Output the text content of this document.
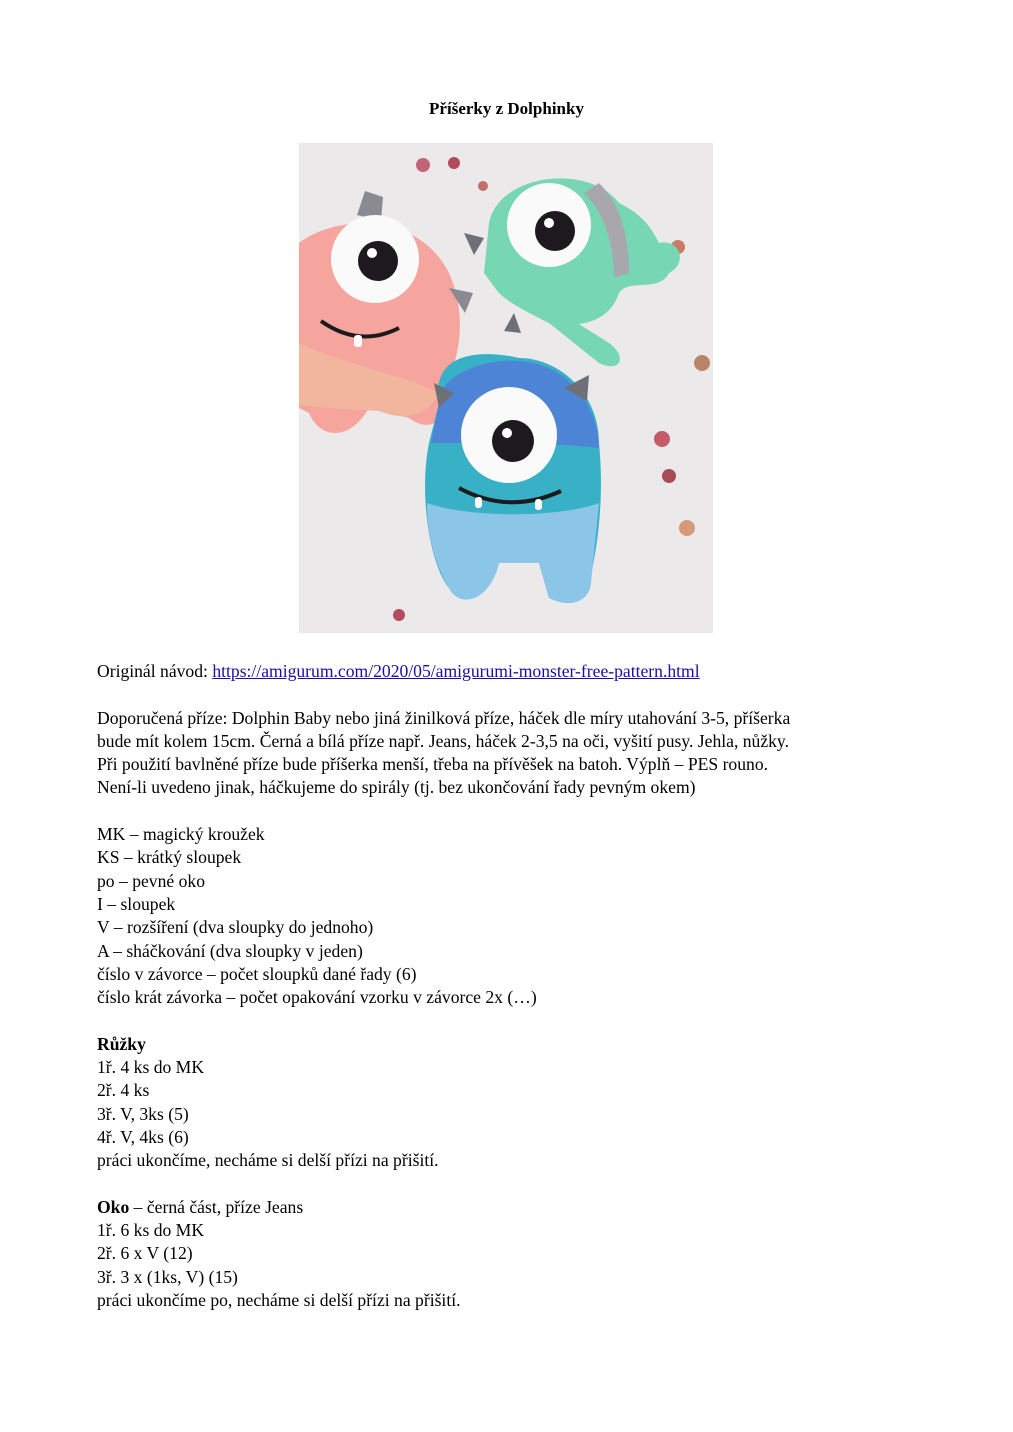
Příšerky z Dolphinky

Originál návod: https://amigurum.com/2020/05/amigurumi-monster-free-pattern.html

Doporučená příze: Dolphin Baby nebo jiná žinilková příze, háček dle míry utahování 3-5, příšerka

bude mít kolem 15cm. Černá a bílá příze např. Jeans, háček 2-3,5 na oči, vyšití pusy. Jehla, nůžky.

Při použití bavlněné příze bude příšerka menší, třeba na přívěšek na batoh. Výplň – PES rouno.

Není-li uvedeno jinak, háčkujeme do spirály (tj. bez ukončování řady pevným okem)

MK – magický kroužek

KS – krátký sloupek

po – pevné oko

I – sloupek

V – rozšíření (dva sloupky do jednoho)

A – sháčkování (dva sloupky v jeden)

číslo v závorce – počet sloupků dané řady (6)

číslo krát závorka – počet opakování vzorku v závorce 2x (…)

Růžky

1ř. 4 ks do MK

2ř. 4 ks

3ř. V, 3ks (5)

4ř. V, 4ks (6)

práci ukončíme, necháme si delší přízi na přišití.

Oko – černá část, příze Jeans

1ř. 6 ks do MK

2ř. 6 x V (12)

3ř. 3 x (1ks, V) (15)

práci ukončíme po, necháme si delší přízi na přišití.
